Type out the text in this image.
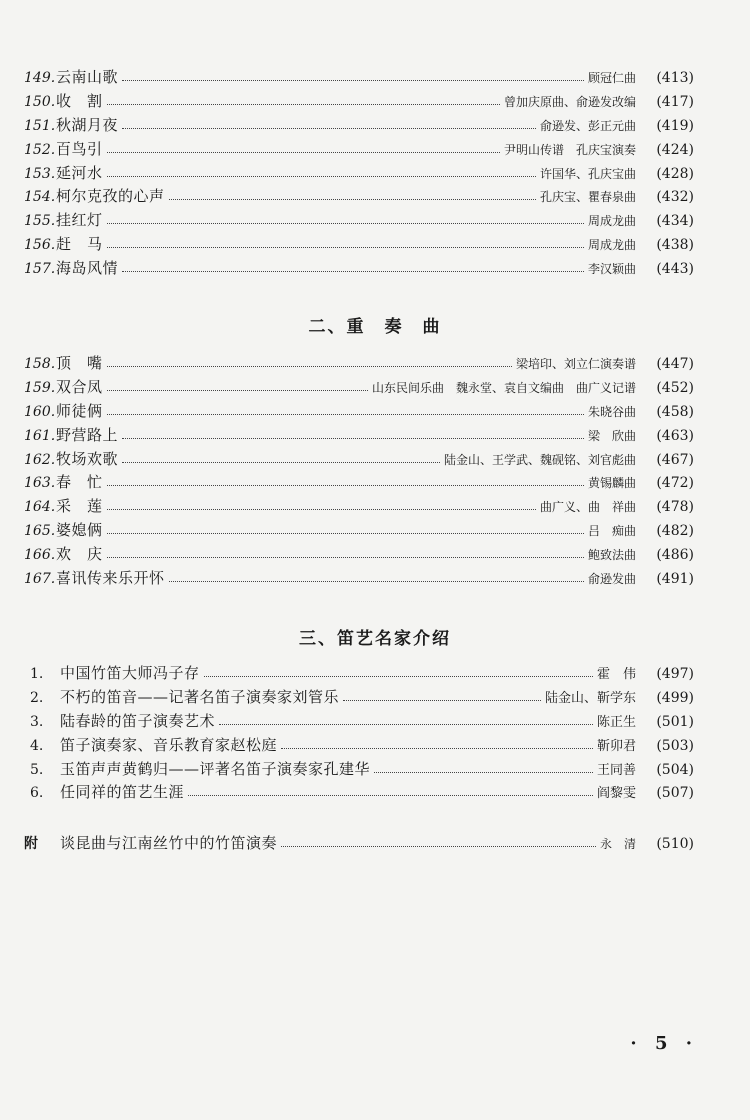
149. 云南山歌	顾冠仁曲	(413)
150. 收　割	曾加庆原曲、俞逊发改编	(417)
151. 秋湖月夜	俞逊发、彭正元曲	(419)
152. 百鸟引	尹明山传谱　孔庆宝演奏	(424)
153. 延河水	许国华、孔庆宝曲	(428)
154. 柯尔克孜的心声	孔庆宝、瞿春泉曲	(432)
155. 挂红灯	周成龙曲	(434)
156. 赶　马	周成龙曲	(438)
157. 海岛风情	李汉颖曲	(443)
二、重　奏　曲
158. 顶　嘴	梁培印、刘立仁演奏谱	(447)
159. 双合凤	山东民间乐曲　魏永堂、袁自文编曲　曲广义记谱	(452)
160. 师徒俩	朱晓谷曲	(458)
161. 野营路上	梁　欣曲	(463)
162. 牧场欢歌	陆金山、王学武、魏砚铭、刘官彪曲	(467)
163. 春　忙	黄锡麟曲	(472)
164. 采　莲	曲广义、曲　祥曲	(478)
165. 婆媳俩	吕　痴曲	(482)
166. 欢　庆	鲍致法曲	(486)
167. 喜讯传来乐开怀	俞逊发曲	(491)
三、笛艺名家介绍
1.	中国竹笛大师冯子存	霍　伟	(497)
2.	不朽的笛音——记著名笛子演奏家刘管乐	陆金山、靳学东	(499)
3.	陆春龄的笛子演奏艺术	陈正生	(501)
4.	笛子演奏家、音乐教育家赵松庭	靳卯君	(503)
5.	玉笛声声黄鹤归——评著名笛子演奏家孔建华	王同善	(504)
6.	任同祥的笛艺生涯	阎黎雯	(507)
附	谈昆曲与江南丝竹中的竹笛演奏	永　清	(510)
· 5 ·
